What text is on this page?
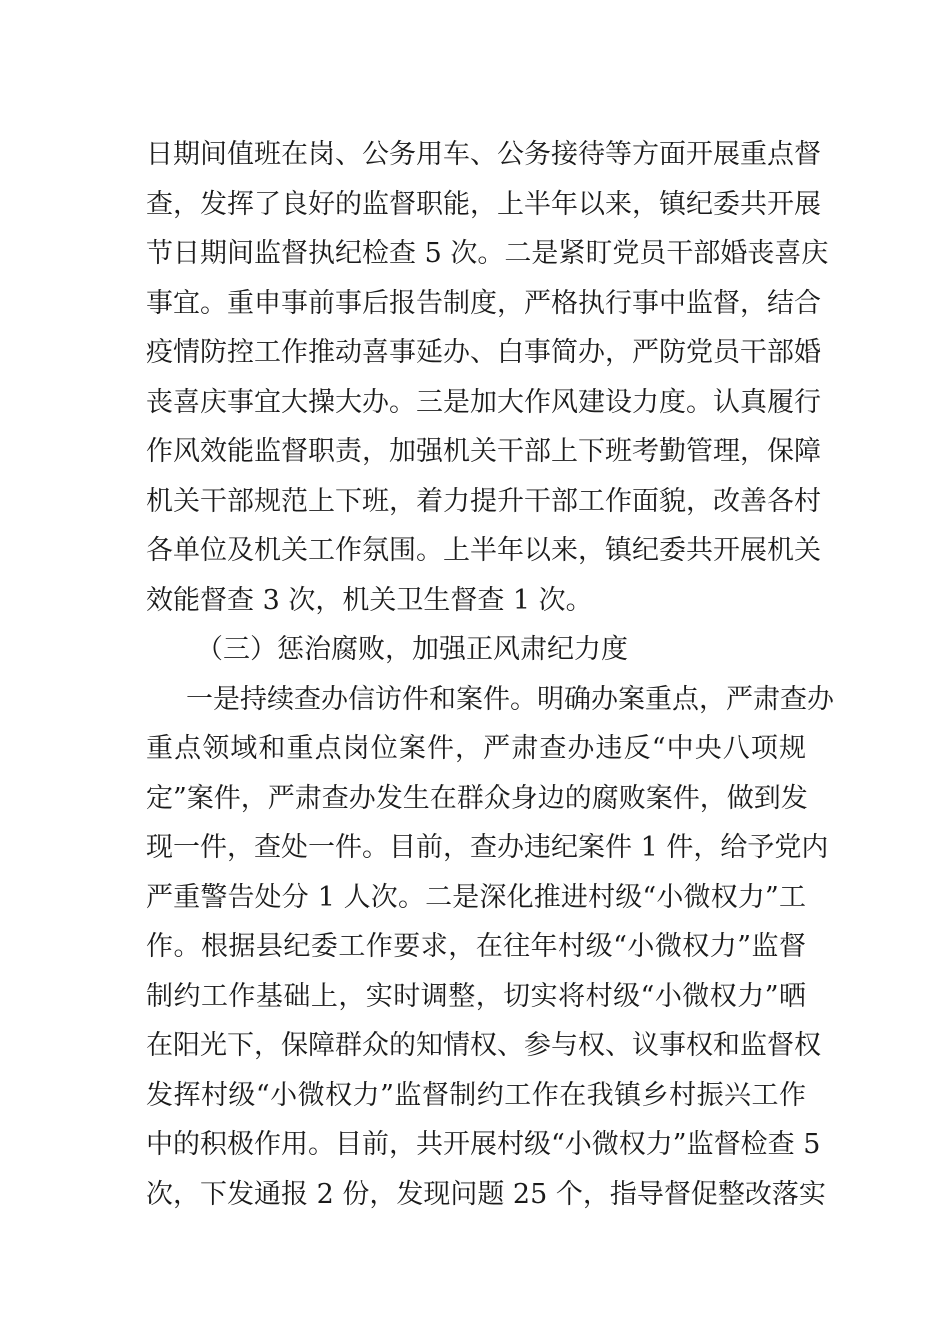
日期间值班在岗、公务用车、公务接待等方面开展重点督
查，发挥了良好的监督职能，上半年以来，镇纪委共开展
节日期间监督执纪检查 5 次。二是紧盯党员干部婚丧喜庆
事宜。重申事前事后报告制度，严格执行事中监督，结合
疫情防控工作推动喜事延办、白事简办，严防党员干部婚
丧喜庆事宜大操大办。三是加大作风建设力度。认真履行
作风效能监督职责，加强机关干部上下班考勤管理，保障
机关干部规范上下班，着力提升干部工作面貌，改善各村
各单位及机关工作氛围。上半年以来，镇纪委共开展机关
效能督查 3 次，机关卫生督查 1 次。
（三）惩治腐败，加强正风肃纪力度
一是持续查办信访件和案件。明确办案重点，严肃查办
重点领域和重点岗位案件，严肃查办违反“中央八项规
定”案件，严肃查办发生在群众身边的腐败案件，做到发
现一件，查处一件。目前，查办违纪案件 1 件，给予党内
严重警告处分 1 人次。二是深化推进村级“小微权力”工
作。根据县纪委工作要求，在往年村级“小微权力”监督
制约工作基础上，实时调整，切实将村级“小微权力”晒
在阳光下，保障群众的知情权、参与权、议事权和监督权
发挥村级“小微权力”监督制约工作在我镇乡村振兴工作
中的积极作用。目前，共开展村级“小微权力”监督检查 5
次，下发通报 2 份，发现问题 25 个，指导督促整改落实
